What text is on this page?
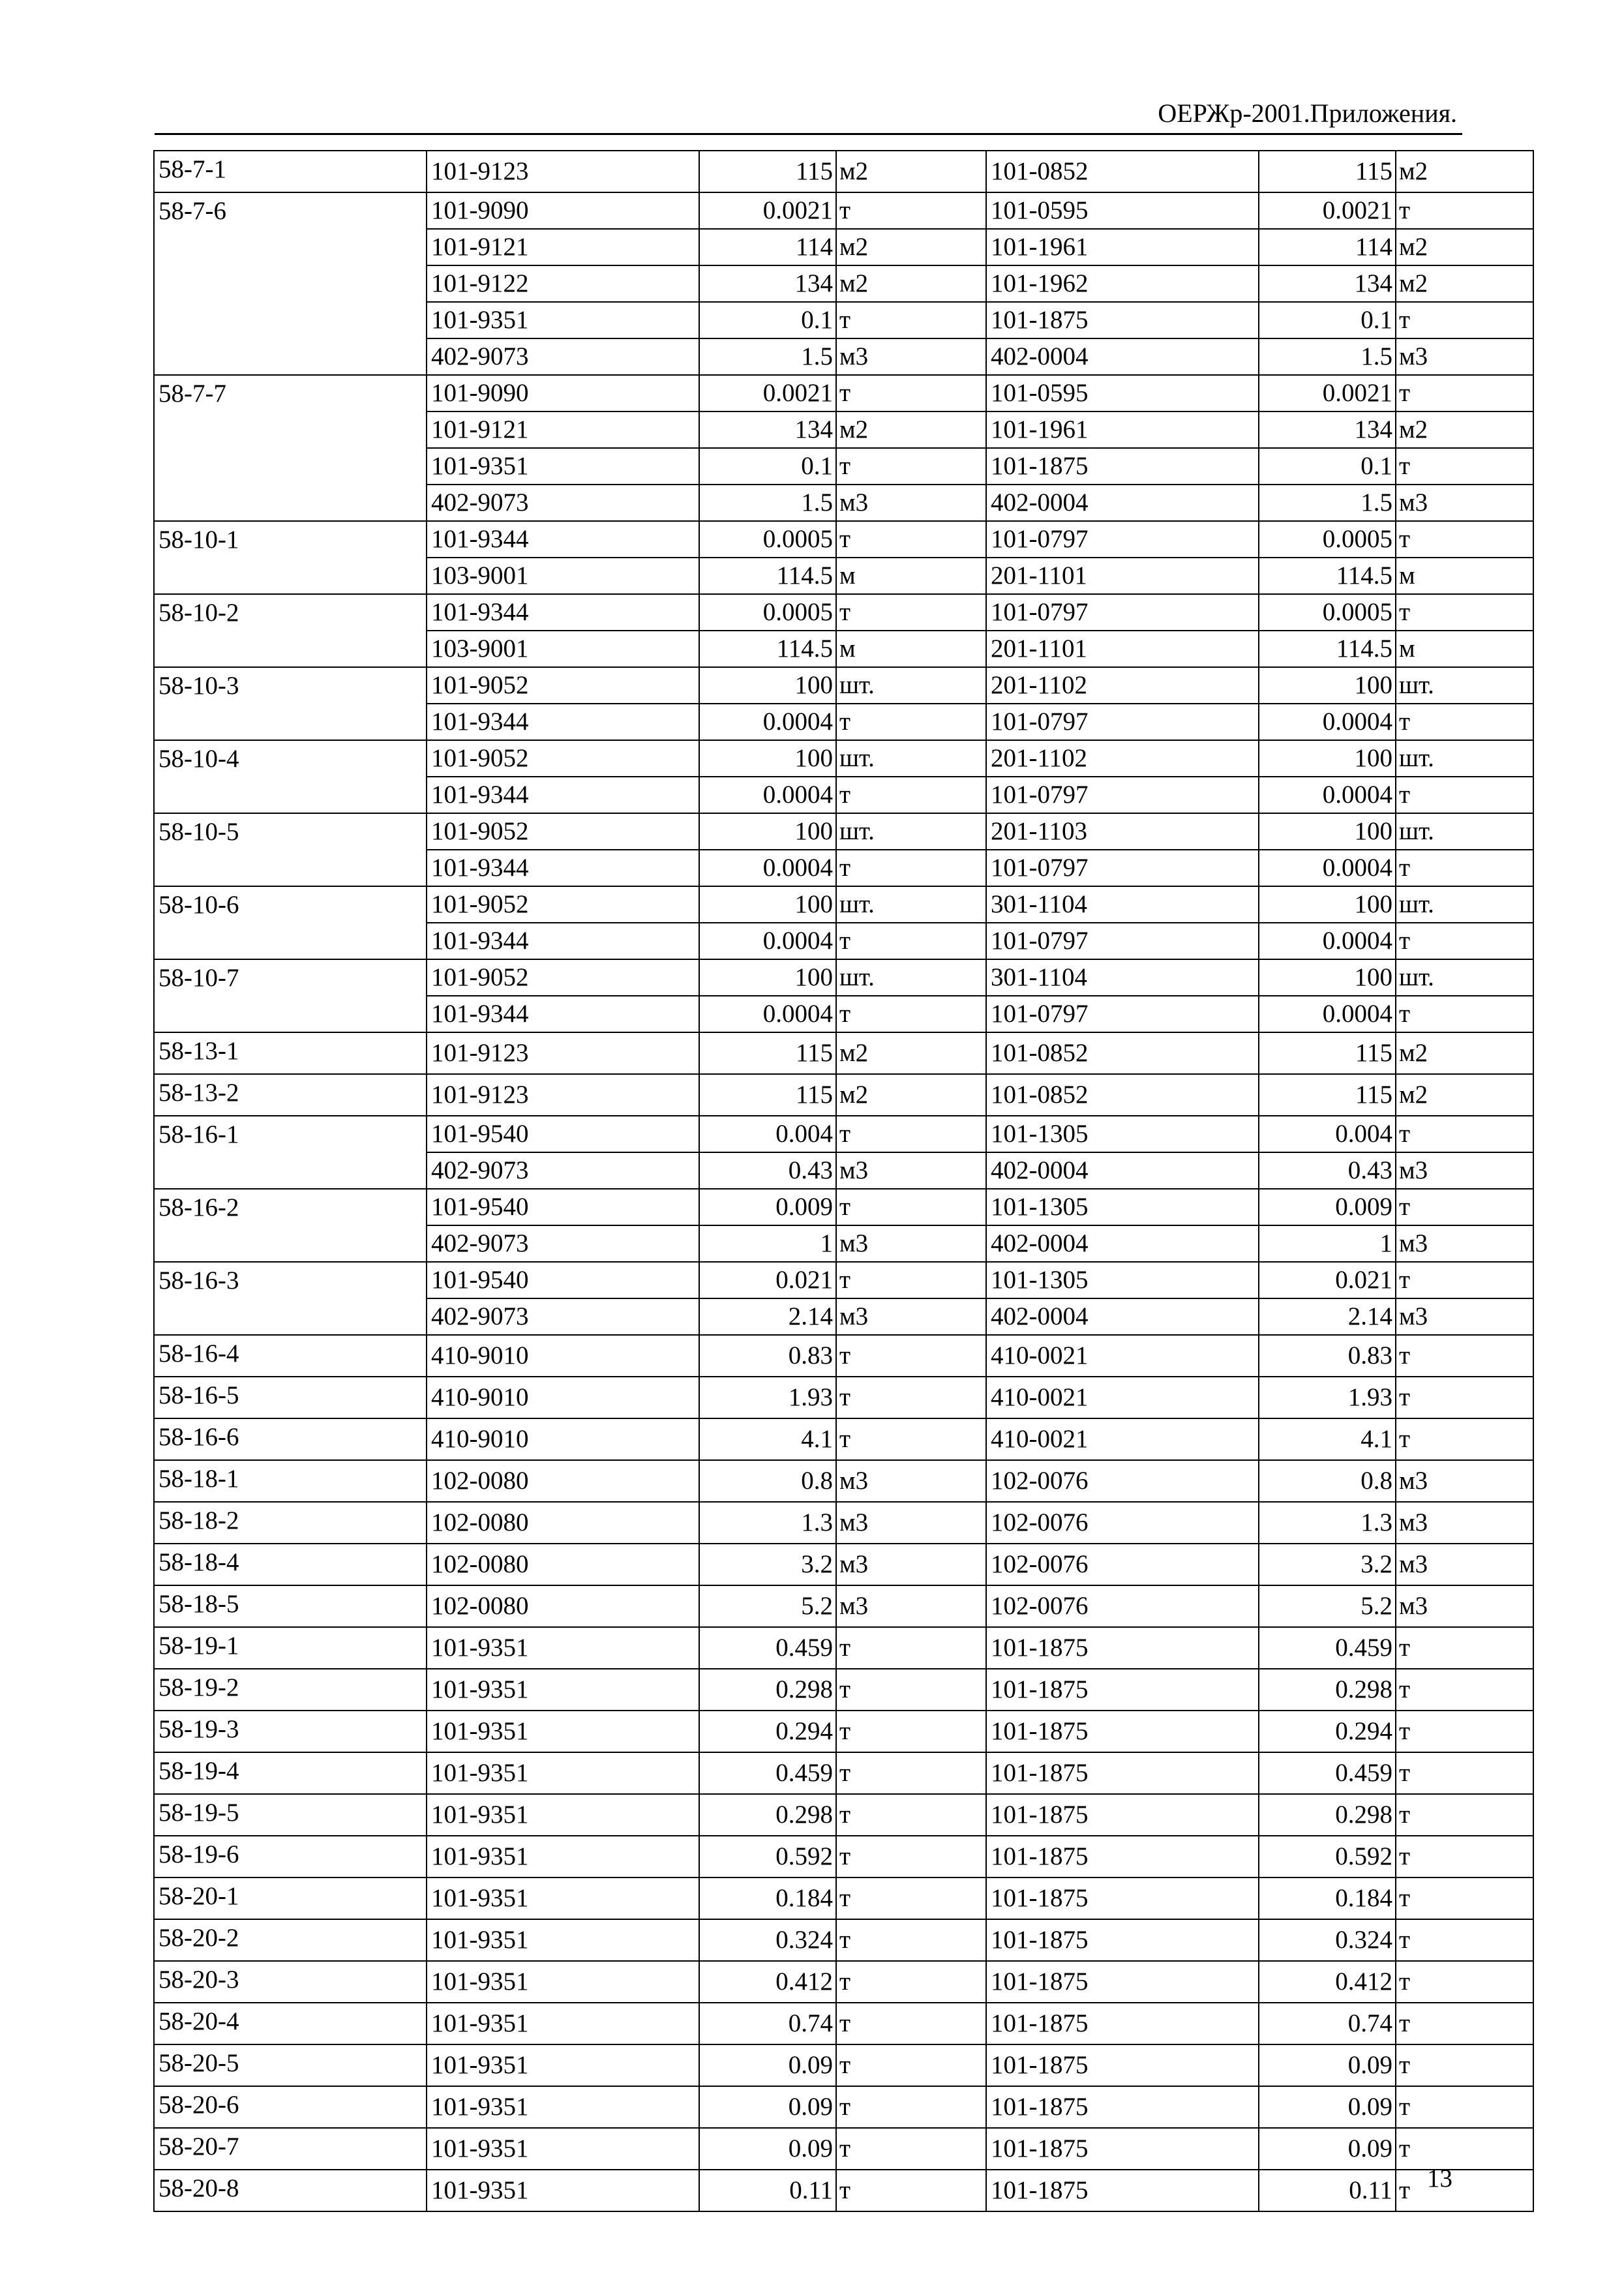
ОЕРЖр-2001.Приложения.
58-7-1	101-9123	115	м2	101-0852	115	м2
58-7-6	101-9090	0.0021	т	101-0595	0.0021	т
	101-9121	114	м2	101-1961	114	м2
	101-9122	134	м2	101-1962	134	м2
	101-9351	0.1	т	101-1875	0.1	т
	402-9073	1.5	м3	402-0004	1.5	м3
58-7-7	101-9090	0.0021	т	101-0595	0.0021	т
	101-9121	134	м2	101-1961	134	м2
	101-9351	0.1	т	101-1875	0.1	т
	402-9073	1.5	м3	402-0004	1.5	м3
58-10-1	101-9344	0.0005	т	101-0797	0.0005	т
	103-9001	114.5	м	201-1101	114.5	м
58-10-2	101-9344	0.0005	т	101-0797	0.0005	т
	103-9001	114.5	м	201-1101	114.5	м
58-10-3	101-9052	100	шт.	201-1102	100	шт.
	101-9344	0.0004	т	101-0797	0.0004	т
58-10-4	101-9052	100	шт.	201-1102	100	шт.
	101-9344	0.0004	т	101-0797	0.0004	т
58-10-5	101-9052	100	шт.	201-1103	100	шт.
	101-9344	0.0004	т	101-0797	0.0004	т
58-10-6	101-9052	100	шт.	301-1104	100	шт.
	101-9344	0.0004	т	101-0797	0.0004	т
58-10-7	101-9052	100	шт.	301-1104	100	шт.
	101-9344	0.0004	т	101-0797	0.0004	т
58-13-1	101-9123	115	м2	101-0852	115	м2
58-13-2	101-9123	115	м2	101-0852	115	м2
58-16-1	101-9540	0.004	т	101-1305	0.004	т
	402-9073	0.43	м3	402-0004	0.43	м3
58-16-2	101-9540	0.009	т	101-1305	0.009	т
	402-9073	1	м3	402-0004	1	м3
58-16-3	101-9540	0.021	т	101-1305	0.021	т
	402-9073	2.14	м3	402-0004	2.14	м3
58-16-4	410-9010	0.83	т	410-0021	0.83	т
58-16-5	410-9010	1.93	т	410-0021	1.93	т
58-16-6	410-9010	4.1	т	410-0021	4.1	т
58-18-1	102-0080	0.8	м3	102-0076	0.8	м3
58-18-2	102-0080	1.3	м3	102-0076	1.3	м3
58-18-4	102-0080	3.2	м3	102-0076	3.2	м3
58-18-5	102-0080	5.2	м3	102-0076	5.2	м3
58-19-1	101-9351	0.459	т	101-1875	0.459	т
58-19-2	101-9351	0.298	т	101-1875	0.298	т
58-19-3	101-9351	0.294	т	101-1875	0.294	т
58-19-4	101-9351	0.459	т	101-1875	0.459	т
58-19-5	101-9351	0.298	т	101-1875	0.298	т
58-19-6	101-9351	0.592	т	101-1875	0.592	т
58-20-1	101-9351	0.184	т	101-1875	0.184	т
58-20-2	101-9351	0.324	т	101-1875	0.324	т
58-20-3	101-9351	0.412	т	101-1875	0.412	т
58-20-4	101-9351	0.74	т	101-1875	0.74	т
58-20-5	101-9351	0.09	т	101-1875	0.09	т
58-20-6	101-9351	0.09	т	101-1875	0.09	т
58-20-7	101-9351	0.09	т	101-1875	0.09	т
58-20-8	101-9351	0.11	т	101-1875	0.11	т 13
